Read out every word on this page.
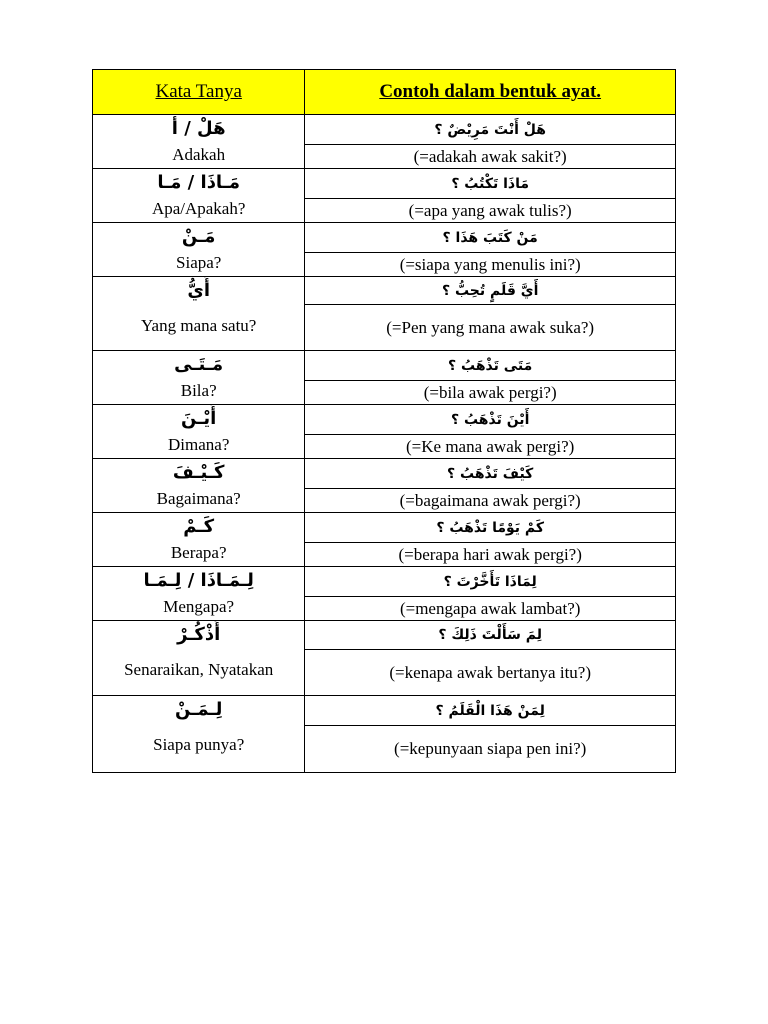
Kata Tanya	Contoh dalam bentuk ayat.

هَلْ / أ
Adakah	هَلْ أَنْتَ مَرِيْضٌ ؟
	(=adakah awak sakit?)

مَـاذَا / مَـا
Apa/Apakah?	مَاذَا تَكْتُبُ ؟
	(=apa yang awak tulis?)

مَـنْ
Siapa?	مَنْ كَتَبَ هَذَا ؟
	(=siapa yang menulis ini?)

أَيُّ
Yang mana satu?	أَيَّ قَلَمٍ تُحِبُّ ؟
	(=Pen yang mana awak suka?)

مَـتَـى
Bila?	مَتَى تَذْهَبُ ؟
	(=bila awak pergi?)

أَيْـنَ
Dimana?	أَيْنَ تَذْهَبُ ؟
	(=Ke mana awak pergi?)

كَـيْـفَ
Bagaimana?	كَيْفَ تَذْهَبُ ؟
	(=bagaimana awak pergi?)

كَـمْ
Berapa?	كَمْ يَوْمًا تَذْهَبُ ؟
	(=berapa hari awak pergi?)

لِـمَـاذَا / لِـمَـا
Mengapa?	لِمَاذَا تَأَخَّرْتَ ؟
	(=mengapa awak lambat?)

أُذْكُـرْ
Senaraikan, Nyatakan	لِمَ سَأَلْتَ ذَلِكَ ؟
	(=kenapa awak bertanya itu?)

لِـمَـنْ
Siapa punya?	لِمَنْ هَذَا الْقَلَمُ ؟
	(=kepunyaan siapa pen ini?)
